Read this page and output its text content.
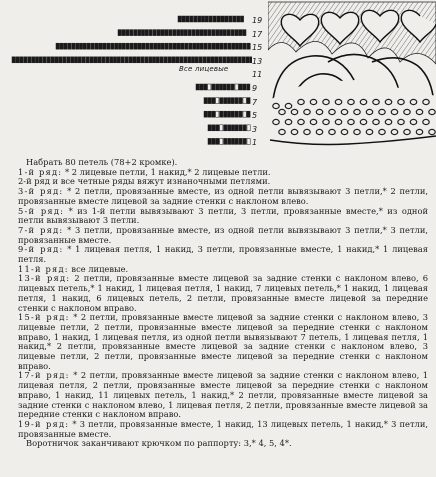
Все лицевые
19
17
15
13
11
9
7
5
3
1

Набрать 80 петель (78+2 кромке).

1-й ряд: * 2 лицевые петли, 1 накид,* 2 лицевые петли.

2-й ряд и все четные ряды вяжут изнаночными петлями.

3-й ряд: * 2 петли, провязанные вместе, из одной петли вывязывают 3 петли,* 2 петли, провязанные вместе лицевой за задние стенки с наклоном влево.

5-й ряд: * из 1-й петли вывязывают 3 петли, 3 петли, провязанные вместе,* из одной петли вывязывают 3 петли.

7-й ряд: * 3 петли, провязанные вместе, из одной петли вывязывают 3 петли,* 3 петли, провязанные вместе.

9-й ряд: * 1 лицевая петля, 1 накид, 3 петли, провязанные вместе, 1 накид,* 1 лицевая петля.

11-й ряд: все лицевые.

13-й ряд: 2 петли, провязанные вместе лицевой за задние стенки с наклоном влево, 6 лицевых петель,* 1 накид, 1 лицевая петля, 1 накид, 7 лицевых петель,* 1 накид, 1 лицевая петля, 1 накид, 6 лицевых петель, 2 петли, провязанные вместе лицевой за передние стенки с наклоном вправо.

15-й ряд: * 2 петли, провязанные вместе лицевой за задние стенки с наклоном влево, 3 лицевые петли, 2 петли, провязанные вместе лицевой за передние стенки с наклоном вправо, 1 накид, 1 лицевая петля, из одной петли вывязывают 7 петель, 1 лицевая петля, 1 накид,* 2 петли, провязанные вместе лицевой за задние стенки с наклоном влево, 3 лицевые петли, 2 петли, провязанные вместе лицевой за передние стенки с наклоном вправо.

17-й ряд: * 2 петли, провязанные вместе лицевой за задние стенки с наклоном влево, 1 лицевая петля, 2 петли, провязанные вместе лицевой за передние стенки с наклоном вправо, 1 накид, 11 лицевых петель, 1 накид,* 2 петли, провязанные вместе лицевой за задние стенки с наклоном влево, 1 лицевая петля, 2 петли, провязанные вместе лицевой за передние стенки с наклоном вправо.

19-й ряд: * 3 петли, провязанные вместе, 1 накид, 13 лицевых петель, 1 накид,* 3 петли, провязанные вместе.

Воротничок заканчивают крючком по раппорту: 3,* 4, 5, 4*.
